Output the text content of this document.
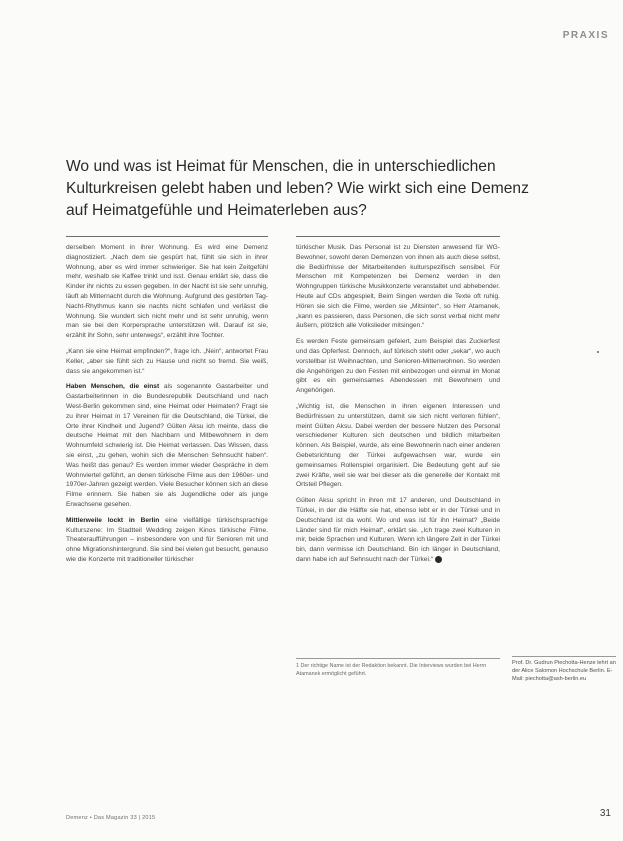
PRAXIS
Wo und was ist Heimat für Menschen, die in unterschiedlichen Kulturkreisen gelebt haben und leben? Wie wirkt sich eine Demenz auf Heimatgefühle und Heimaterleben aus?

derselben Moment in ihrer Wohnung. Es wird eine Demenz diagnostiziert. „Nach dem sie gespürt hat, fühlt sie sich in ihrer Wohnung, aber es wird immer schwieriger. Sie hat kein Zeitgefühl mehr, weshalb sie Kaffee trinkt und isst. Genau erklärt sie, dass die Kinder ihr nichts zu essen gegeben. In der Nacht ist sie sehr unruhig, läuft ab Mitternacht durch die Wohnung. Aufgrund des gestörten Tag-Nacht-Rhythmus kann sie nachts nicht schlafen und verlässt die Wohnung. Sie wundert sich nicht mehr und ist sehr unruhig, wenn man sie bei den Korpersprache unterstützen will. Darauf ist sie, erzählt ihr Sohn, sehr unterwegs“, erzählt ihre Tochter.

„Kann sie eine Heimat empfinden?“, frage ich. „Nein“, antwortet Frau Keller, „aber sie fühlt sich zu Hause und nicht so fremd. Sie weiß, dass sie angekommen ist.“

Haben Menschen, die einst als sogenannte Gastarbeiter und Gastarbeiterinnen in die Bundesrepublik Deutschland und nach West-Berlin gekommen sind, eine Heimat oder Heimaten? Fragt sie zu ihrer Heimat in 17 Vereinen für die Deutschland, die Türkei, die Orte ihrer Kindheit und Jugend? Gülten Aksu ich meinte, dass die deutsche Heimat mit den Nachbarn und Mitbewohnern in dem Wohnumfeld schwierig ist. Die Heimat verlassen. Das Wissen, dass sie einst, „zu gehen, wohin sich die Menschen Sehnsucht haben“. Was heißt das genau? Es werden immer wieder Gespräche in dem Wohnviertel geführt, an denen türkische Filme aus den 1960er- und 1970er-Jahren gezeigt werden. Viele Besucher können sich an diese Filme erinnern. Sie haben sie als Jugendliche oder als junge Erwachsene gesehen.

Mittlerweile lockt in Berlin eine vielfältige türkischsprachige Kulturszene: Im Stadtteil Wedding zeigen Kinos türkische Filme. Theateraufführungen – insbesondere von und für Senioren mit und ohne Migrationshintergrund. Sie sind bei vielen gut besucht, genauso wie die Konzerte mit traditioneller türkischer

türkischer Musik. Das Personal ist zu Diensten anwesend für WG-Bewohner, sowohl deren Demenzen von ihnen als auch diese selbst, die Bedürfnisse der Mitarbeitenden kulturspezifisch sensibel. Für Menschen mit Kompetenzen bei Demenz werden in den Wohngruppen türkische Musikkonzerte veranstaltet und abhebender. Heute auf CDs abgespielt, Beim Singen werden die Texte oft ruhig. Hören sie sich die Filme, werden sie „Mitsinter“, so Herr Atamanek, „kann es passieren, dass Personen, die sich sonst verbal nicht mehr äußern, plötzlich alle Volkslieder mitsingen.“

Es werden Feste gemeinsam gefeiert, zum Beispiel das Zuckerfest und das Opferfest. Dennoch, auf türkisch steht oder „sekar“, wo auch vorstellbar ist Weihnachten, und Senioren-Mittenwohnen. So werden die Angehörigen zu den Festen mit einbezogen und einmal im Monat gibt es ein gemeinsames Abendessen mit Bewohnern und Angehörigen.

„Wichtig ist, die Menschen in ihren eigenen Interessen und Bedürfnissen zu unterstützen, damit sie sich nicht verloren fühlen“, meint Gülten Aksu. Dabei werden der bessere Nutzen des Personal verschiedener Kulturen sich deutschen und bildlich mitarbeiten können. Als Beispiel, wurde, als eine Bewohnerin nach einer anderen Gebetsrichtung der Türkei aufgewachsen war, wurde ein gemeinsames Rollenspiel organisiert. Die Bedeutung geht auf sie zwei Kräfte, weil sie war bei dieser als die generelle der Kontakt mit Ortsteil Pflegen.

Gülten Aksu spricht in ihren mit 17 anderen, und Deutschland in Türkei, in der die Hälfte sie hat, ebenso lebt er in der Türkei und in Deutschland ist da wohl. Wo und was ist für ihn Heimat? „Beide Länder sind für mich Heimat“, erklärt sie. „Ich trage zwei Kulturen in mir, beide Sprachen und Kulturen. Wenn ich längere Zeit in der Türkei bin, dann vermisse ich Deutschland. Bin ich länger in Deutschland, dann habe ich auf Sehnsucht nach der Türkei.“

1 Der richtige Name ist der Redaktion bekannt. Die Interviews wurden bei Herrn Atamanek ermöglicht geführt.
Prof. Dr. Gudrun Piechotta-Henze lehrt an der Alice Salomon Hochschule Berlin. E-Mail: piechotta@ash-berlin.eu
Demenz • Das Magazin 33 | 2015	31
